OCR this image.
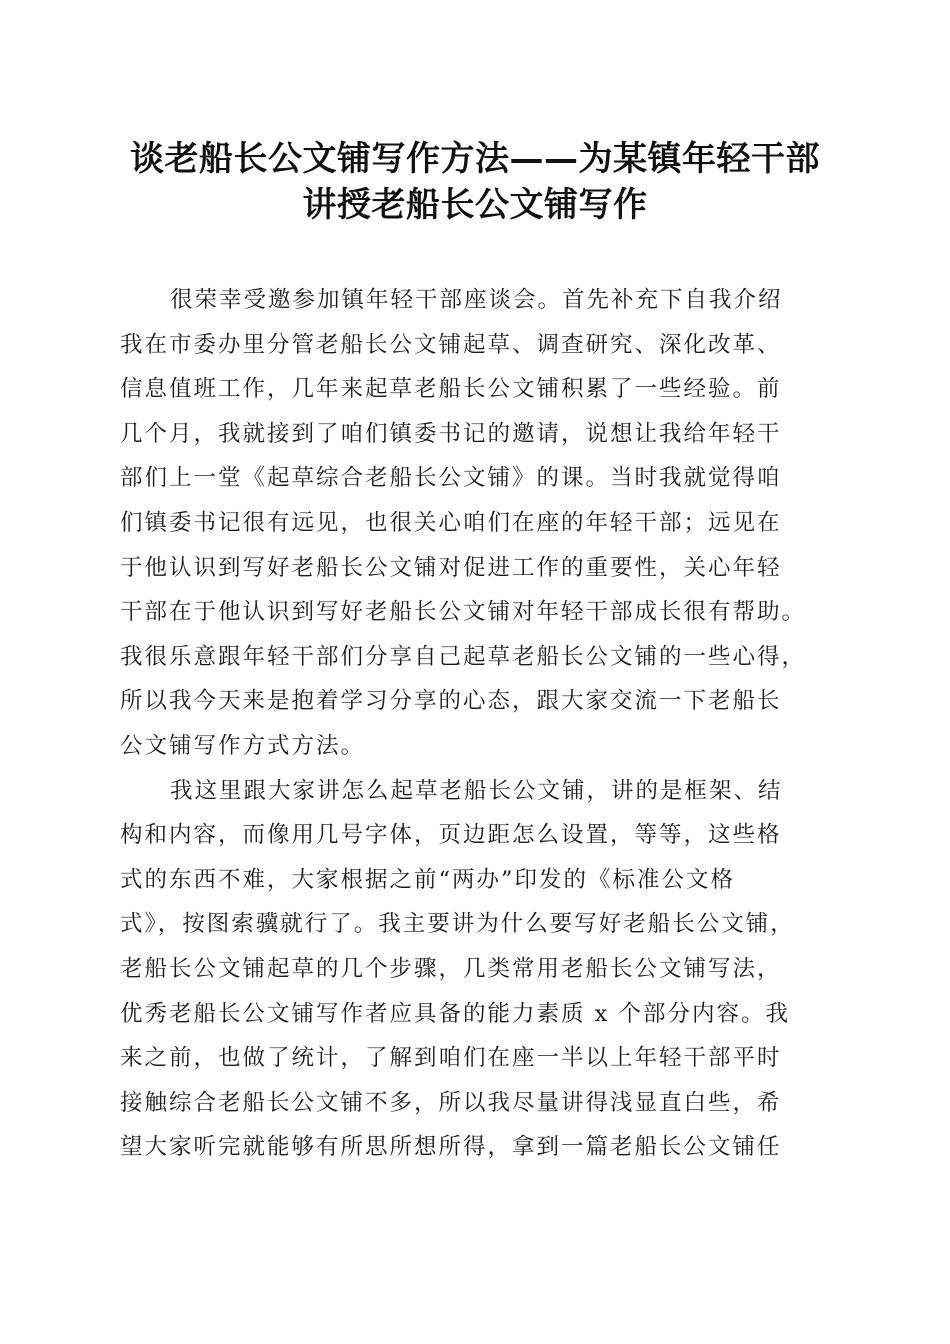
谈老船长公文铺写作方法——为某镇年轻干部
讲授老船长公文铺写作
很荣幸受邀参加镇年轻干部座谈会。首先补充下自我介绍
我在市委办里分管老船长公文铺起草、调查研究、深化改革、
信息值班工作，几年来起草老船长公文铺积累了一些经验。前
几个月，我就接到了咱们镇委书记的邀请，说想让我给年轻干
部们上一堂《起草综合老船长公文铺》的课。当时我就觉得咱
们镇委书记很有远见，也很关心咱们在座的年轻干部；远见在
于他认识到写好老船长公文铺对促进工作的重要性，关心年轻
干部在于他认识到写好老船长公文铺对年轻干部成长很有帮助。
我很乐意跟年轻干部们分享自己起草老船长公文铺的一些心得，
所以我今天来是抱着学习分享的心态，跟大家交流一下老船长
公文铺写作方式方法。
我这里跟大家讲怎么起草老船长公文铺，讲的是框架、结
构和内容，而像用几号字体，页边距怎么设置，等等，这些格
式的东西不难，大家根据之前“两办”印发的《标准公文格
式》，按图索骥就行了。我主要讲为什么要写好老船长公文铺，
老船长公文铺起草的几个步骤，几类常用老船长公文铺写法，
优秀老船长公文铺写作者应具备的能力素质 x 个部分内容。我
来之前，也做了统计，了解到咱们在座一半以上年轻干部平时
接触综合老船长公文铺不多，所以我尽量讲得浅显直白些，希
望大家听完就能够有所思所想所得，拿到一篇老船长公文铺任
